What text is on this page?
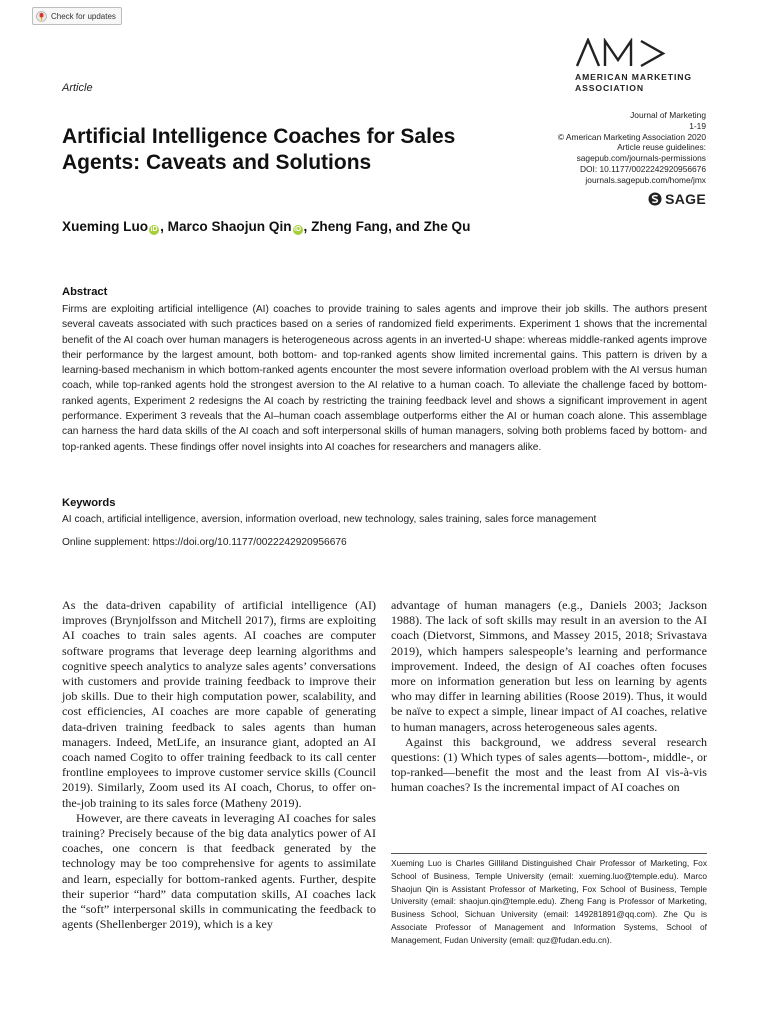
Check for updates
AMERICAN MARKETING
ASSOCIATION
Article
Journal of Marketing
1-19
© American Marketing Association 2020
Article reuse guidelines:
sagepub.com/journals-permissions
DOI: 10.1177/0022242920956676
journals.sagepub.com/home/jmx
SAGE
Artificial Intelligence Coaches for Sales Agents: Caveats and Solutions
Xueming Luo iD , Marco Shaojun Qin iD , Zheng Fang, and Zhe Qu
Abstract

Firms are exploiting artificial intelligence (AI) coaches to provide training to sales agents and improve their job skills. The authors present several caveats associated with such practices based on a series of randomized field experiments. Experiment 1 shows that the incremental benefit of the AI coach over human managers is heterogeneous across agents in an inverted-U shape: whereas middle-ranked agents improve their performance by the largest amount, both bottom- and top-ranked agents show limited incremental gains. This pattern is driven by a learning-based mechanism in which bottom-ranked agents encounter the most severe information overload problem with the AI versus human coach, while top-ranked agents hold the strongest aversion to the AI relative to a human coach. To alleviate the challenge faced by bottom-ranked agents, Experiment 2 redesigns the AI coach by restricting the training feedback level and shows a significant improvement in agent performance. Experiment 3 reveals that the AI–human coach assemblage outperforms either the AI or human coach alone. This assemblage can harness the hard data skills of the AI coach and soft interpersonal skills of human managers, solving both problems faced by bottom- and top-ranked agents. These findings offer novel insights into AI coaches for researchers and managers alike.

Keywords
AI coach, artificial intelligence, aversion, information overload, new technology, sales training, sales force management
Online supplement: https://doi.org/10.1177/0022242920956676

As the data-driven capability of artificial intelligence (AI) improves (Brynjolfsson and Mitchell 2017), firms are exploiting AI coaches to train sales agents. AI coaches are computer software programs that leverage deep learning algorithms and cognitive speech analytics to analyze sales agents’ conversations with customers and provide training feedback to improve their job skills. Due to their high computation power, scalability, and cost efficiencies, AI coaches are more capable of generating data-driven training feedback to sales agents than human managers. Indeed, MetLife, an insurance giant, adopted an AI coach named Cogito to offer training feedback to its call center frontline employees to improve customer service skills (Council 2019). Similarly, Zoom used its AI coach, Chorus, to offer on-the-job training to its sales force (Matheny 2019).

However, are there caveats in leveraging AI coaches for sales training? Precisely because of the big data analytics power of AI coaches, one concern is that feedback generated by the technology may be too comprehensive for agents to assimilate and learn, especially for bottom-ranked agents. Further, despite their superior “hard” data computation skills, AI coaches lack the “soft” interpersonal skills in communicating the feedback to agents (Shellenberger 2019), which is a key

advantage of human managers (e.g., Daniels 2003; Jackson 1988). The lack of soft skills may result in an aversion to the AI coach (Dietvorst, Simmons, and Massey 2015, 2018; Srivastava 2019), which hampers salespeople’s learning and performance improvement. Indeed, the design of AI coaches often focuses more on information generation but less on learning by agents who may differ in learning abilities (Roose 2019). Thus, it would be naïve to expect a simple, linear impact of AI coaches, relative to human managers, across heterogeneous sales agents.

Against this background, we address several research questions: (1) Which types of sales agents—bottom-, middle-, or top-ranked—benefit the most and the least from AI vis-à-vis human coaches? Is the incremental impact of AI coaches on

Xueming Luo is Charles Gilliland Distinguished Chair Professor of Marketing, Fox School of Business, Temple University (email: xueming.luo@temple.edu). Marco Shaojun Qin is Assistant Professor of Marketing, Fox School of Business, Temple University (email: shaojun.qin@temple.edu). Zheng Fang is Professor of Marketing, Business School, Sichuan University (email: 149281891@qq.com). Zhe Qu is Associate Professor of Management and Information Systems, School of Management, Fudan University (email: quz@fudan.edu.cn).
